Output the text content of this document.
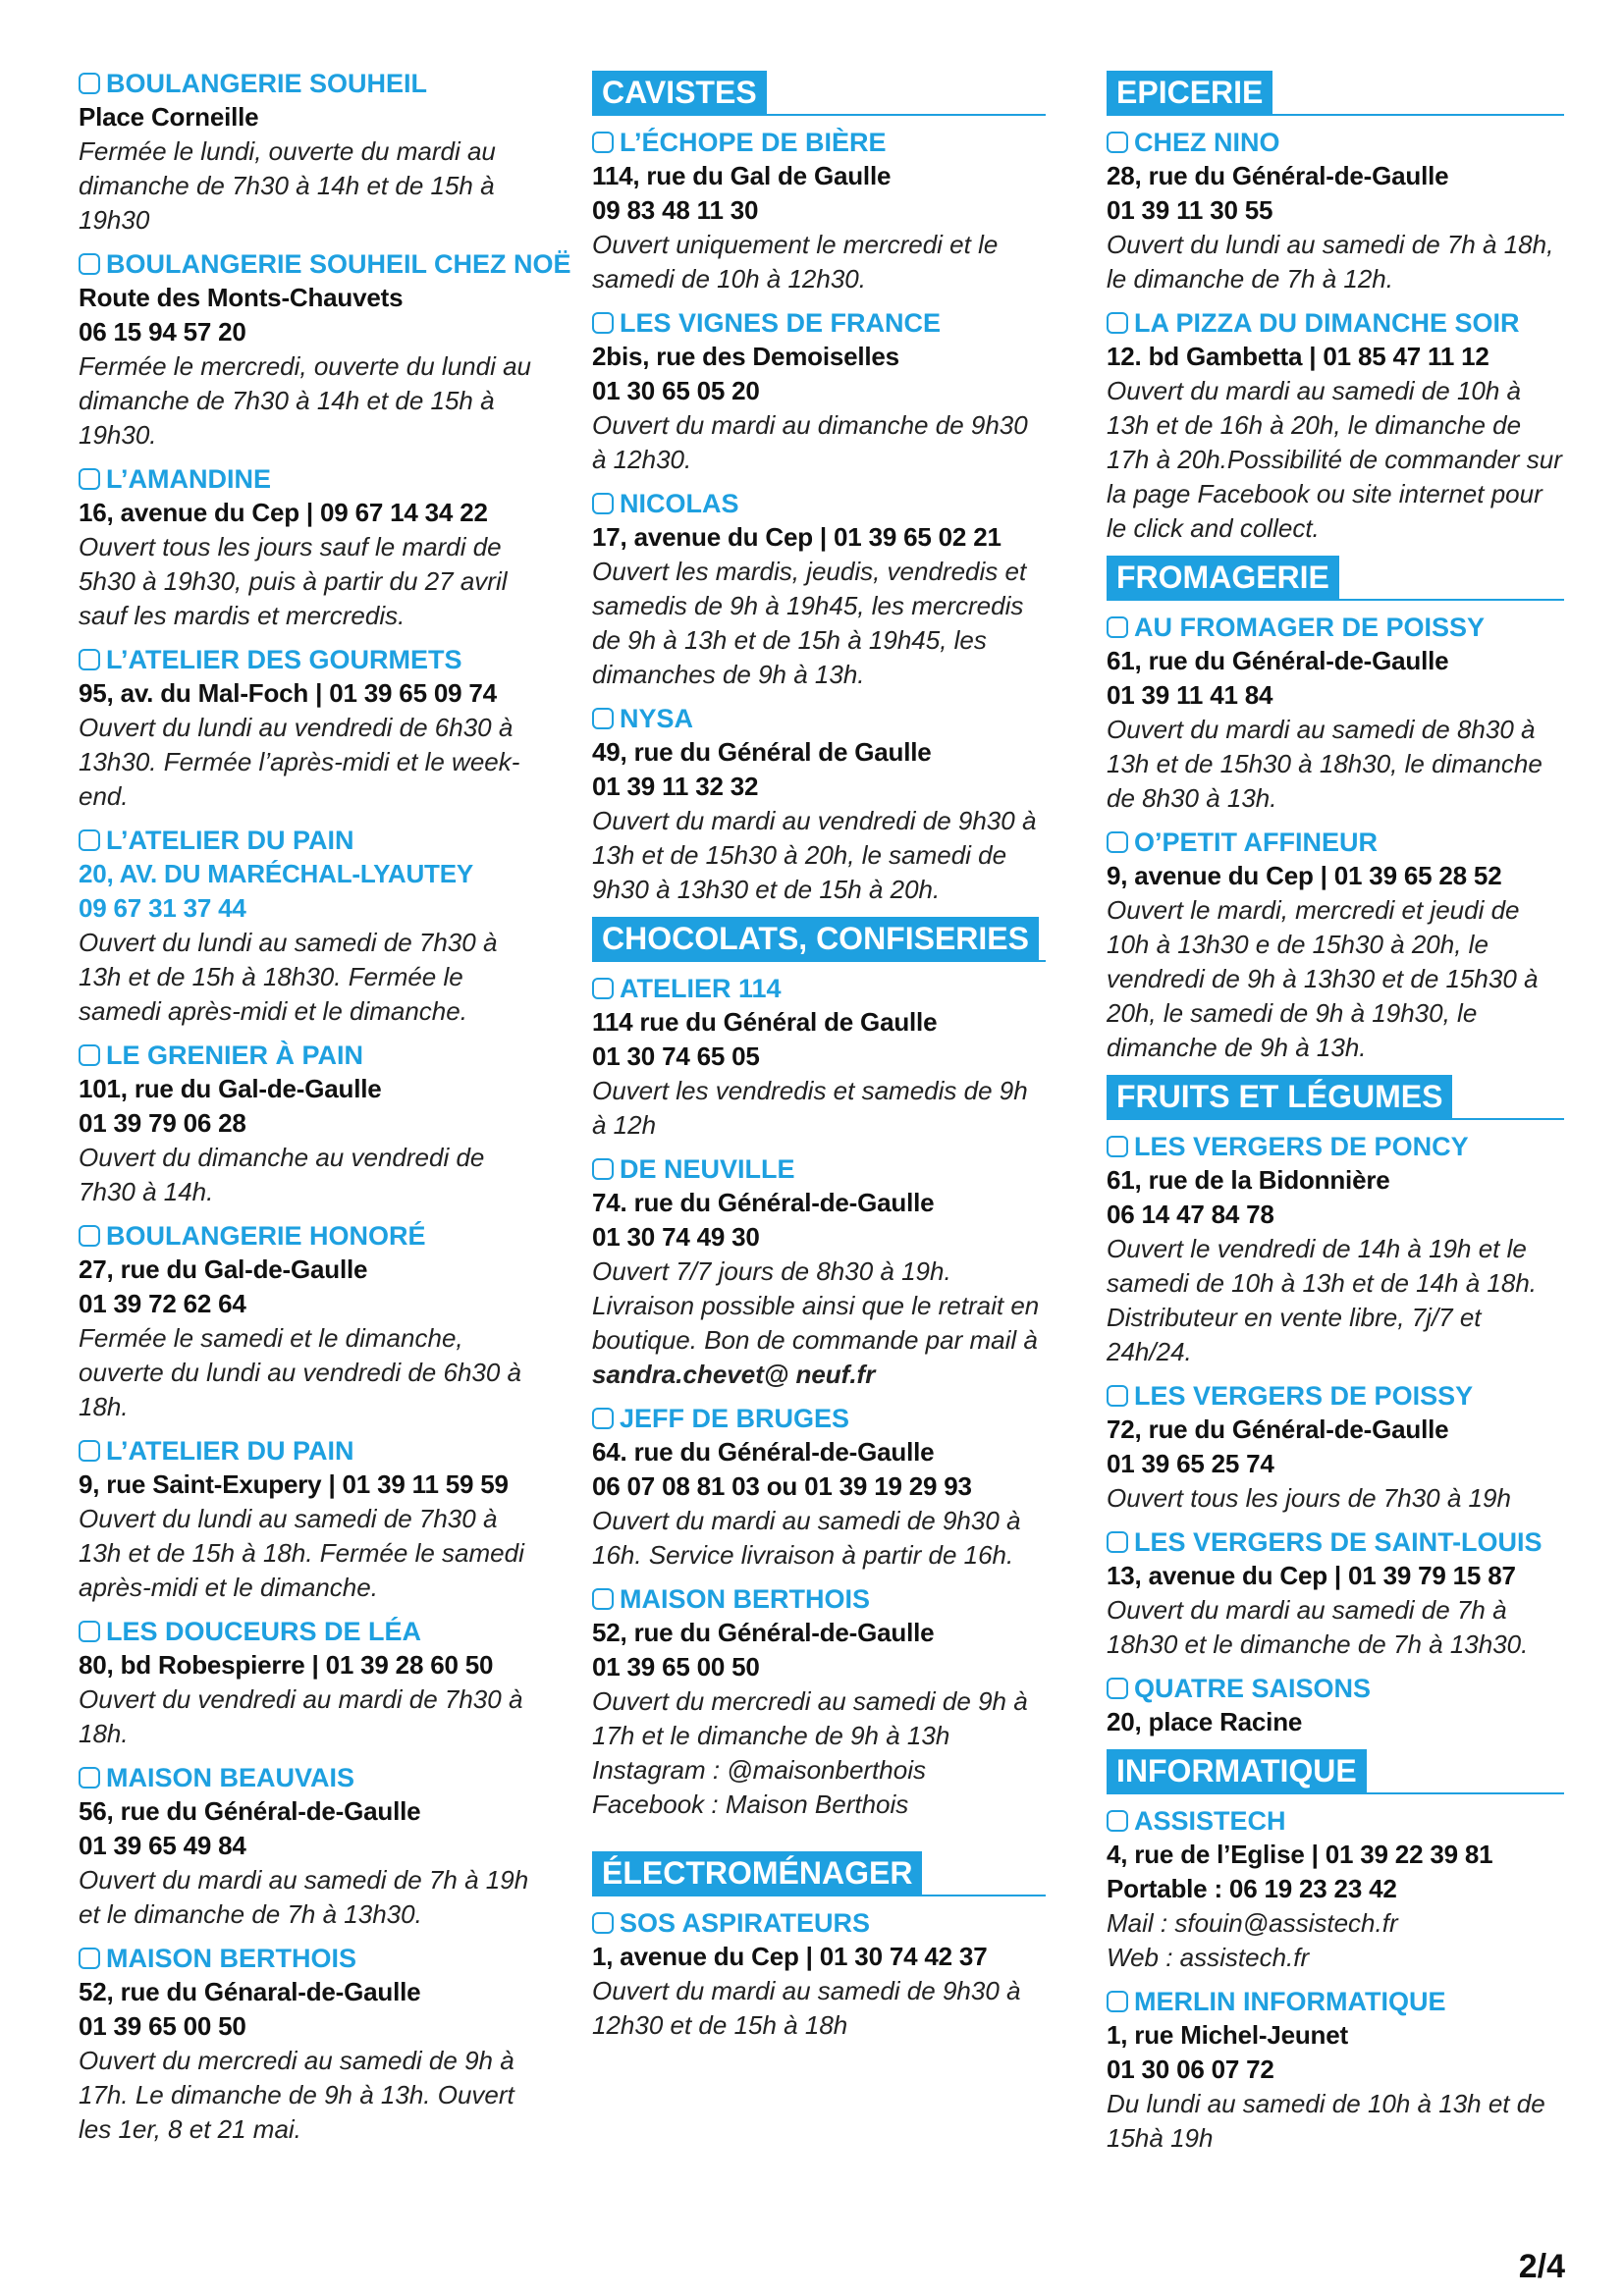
BOULANGERIE SOUHEIL
Place Corneille
Fermée le lundi, ouverte du mardi au dimanche de 7h30 à 14h et de 15h à 19h30
BOULANGERIE SOUHEIL CHEZ NOË
Route des Monts-Chauvets
06 15 94 57 20
Fermée le mercredi, ouverte du lundi au dimanche de 7h30 à 14h et de 15h à 19h30.
L’AMANDINE
16, avenue du Cep | 09 67 14 34 22
Ouvert tous les jours sauf le mardi de 5h30 à 19h30, puis à partir du 27 avril sauf les mardis et mercredis.
L’ATELIER DES GOURMETS
95, av. du Mal-Foch | 01 39 65 09 74
Ouvert du lundi au vendredi de 6h30 à 13h30. Fermée l’après-midi et le week-end.
L’ATELIER DU PAIN
20, AV. DU MARÉCHAL-LYAUTEY
09 67 31 37 44
Ouvert du lundi au samedi de 7h30 à 13h et de 15h à 18h30. Fermée le samedi après-midi et le dimanche.
LE GRENIER À PAIN
101, rue du Gal-de-Gaulle
01 39 79 06 28
Ouvert du dimanche au vendredi de 7h30 à 14h.
BOULANGERIE HONORÉ
27, rue du Gal-de-Gaulle
01 39 72 62 64
Fermée le samedi et le dimanche, ouverte du lundi au vendredi de 6h30 à 18h.
L’ATELIER DU PAIN
9, rue Saint-Exupery | 01 39 11 59 59
Ouvert du lundi au samedi de 7h30 à 13h et de 15h à 18h. Fermée le samedi après-midi et le dimanche.
LES DOUCEURS DE LÉA
80, bd Robespierre | 01 39 28 60 50
Ouvert du vendredi au mardi de 7h30 à 18h.
MAISON BEAUVAIS
56, rue du Général-de-Gaulle
01 39 65 49 84
Ouvert du mardi au samedi de 7h à 19h et le dimanche de 7h à 13h30.
MAISON BERTHOIS
52, rue du Génaral-de-Gaulle
01 39 65 00 50
Ouvert du mercredi au samedi de 9h à 17h. Le dimanche de 9h à 13h. Ouvert les 1er, 8 et 21 mai.
CAVISTES
L’ÉCHOPE DE BIÈRE
114, rue du Gal de Gaulle
09 83 48 11 30
Ouvert uniquement le mercredi et le samedi de 10h à 12h30.
LES VIGNES DE FRANCE
2bis, rue des Demoiselles
01 30 65 05 20
Ouvert du mardi au dimanche de 9h30 à 12h30.
NICOLAS
17, avenue du Cep | 01 39 65 02 21
Ouvert les mardis, jeudis, vendredis et samedis de 9h à 19h45, les mercredis de 9h à 13h et de 15h à 19h45, les dimanches de 9h à 13h.
NYSA
49, rue du Général de Gaulle
01 39 11 32 32
Ouvert du mardi au vendredi de 9h30 à 13h et de 15h30 à 20h, le samedi de 9h30 à 13h30 et de 15h à 20h.
CHOCOLATS, CONFISERIES
ATELIER 114
114 rue du Général de Gaulle
01 30 74 65 05
Ouvert les vendredis et samedis de 9h à 12h
DE NEUVILLE
74. rue du Général-de-Gaulle
01 30 74 49 30
Ouvert 7/7 jours de 8h30 à 19h. Livraison possible ainsi que le retrait en boutique. Bon de commande par mail à sandra.chevet@ neuf.fr
JEFF DE BRUGES
64. rue du Général-de-Gaulle
06 07 08 81 03 ou 01 39 19 29 93
Ouvert du mardi au samedi de 9h30 à 16h. Service livraison à partir de 16h.
MAISON BERTHOIS
52, rue du Général-de-Gaulle
01 39 65 00 50
Ouvert du mercredi au samedi de 9h à 17h et le dimanche de 9h à 13h
Instagram : @maisonberthois
Facebook : Maison Berthois
ÉLECTROMÉNAGER
SOS ASPIRATEURS
1, avenue du Cep | 01 30 74 42 37
Ouvert du mardi au samedi de 9h30 à 12h30 et de 15h à 18h
EPICERIE
CHEZ NINO
28, rue du Général-de-Gaulle
01 39 11 30 55
Ouvert du lundi au samedi de 7h à 18h, le dimanche de 7h à 12h.
LA PIZZA DU DIMANCHE SOIR
12. bd Gambetta | 01 85 47 11 12
Ouvert du mardi au samedi de 10h à 13h et de 16h à 20h, le dimanche de 17h à 20h.Possibilité de commander sur la page Facebook ou site internet pour le click and collect.
FROMAGERIE
AU FROMAGER DE POISSY
61, rue du Général-de-Gaulle
01 39 11 41 84
Ouvert du mardi au samedi de 8h30 à 13h et de 15h30 à 18h30, le dimanche de 8h30 à 13h.
O’PETIT AFFINEUR
9, avenue du Cep | 01 39 65 28 52
Ouvert le mardi, mercredi et jeudi de 10h à 13h30 e de 15h30 à 20h, le vendredi de 9h à 13h30 et de 15h30 à 20h, le samedi de 9h à 19h30, le dimanche de 9h à 13h.
FRUITS ET LÉGUMES
LES VERGERS DE PONCY
61, rue de la Bidonnière
06 14 47 84 78
Ouvert le vendredi de 14h à 19h et le samedi de 10h à 13h et de 14h à 18h. Distributeur en vente libre, 7j/7 et 24h/24.
LES VERGERS DE POISSY
72, rue du Général-de-Gaulle
01 39 65 25 74
Ouvert tous les jours de 7h30 à 19h
LES VERGERS DE SAINT-LOUIS
13, avenue du Cep | 01 39 79 15 87
Ouvert du mardi au samedi de 7h à 18h30 et le dimanche de 7h à 13h30.
QUATRE SAISONS
20, place Racine
INFORMATIQUE
ASSISTECH
4, rue de l’Eglise | 01 39 22 39 81
Portable : 06 19 23 23 42
Mail : sfouin@assistech.fr
Web : assistech.fr
MERLIN INFORMATIQUE
1, rue Michel-Jeunet
01 30 06 07 72
Du lundi au samedi de 10h à 13h et de 15hà 19h
2/4
